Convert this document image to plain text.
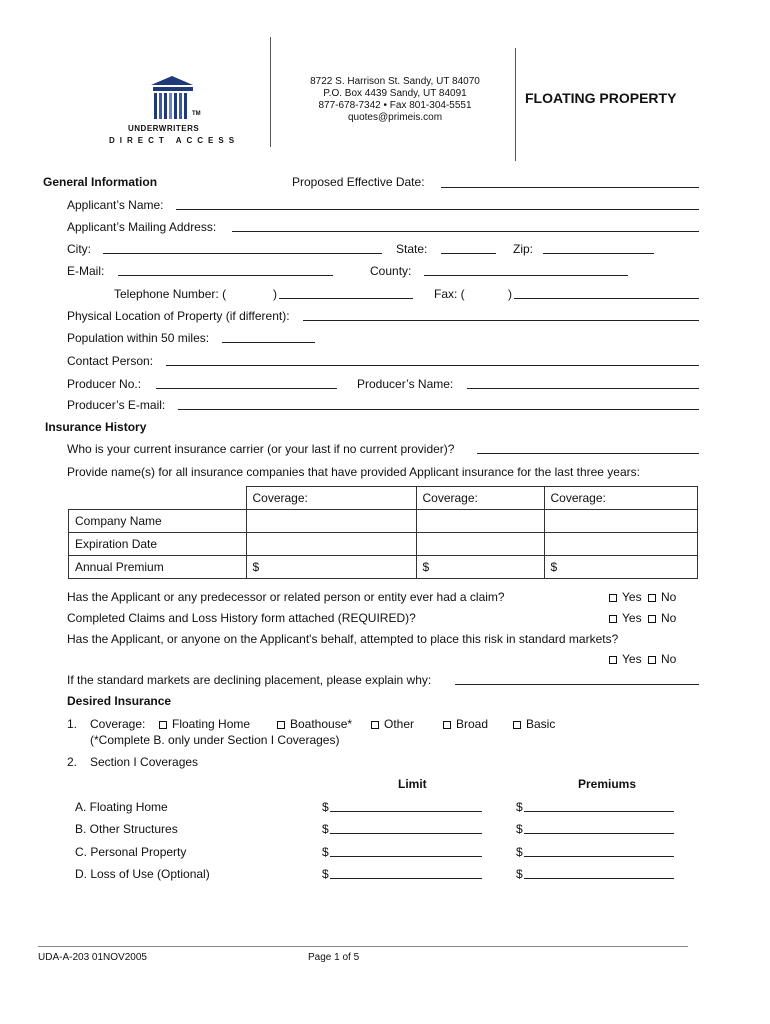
TM
UNDERWRITERS
DIRECT ACCESS
8722 S. Harrison St. Sandy, UT 84070
P.O. Box 4439 Sandy, UT 84091
877-678-7342 • Fax 801-304-5551
quotes@primeis.com
FLOATING PROPERTY
General Information	Proposed Effective Date:
Applicant’s Name:
Applicant’s Mailing Address:
City:	State:	Zip:
E-Mail:	County:
Telephone Number: (	)	Fax: (	)
Physical Location of Property (if different):
Population within 50 miles:
Contact Person:
Producer No.:	Producer’s Name:
Producer’s E-mail:
Insurance History
Who is your current insurance carrier (or your last if no current provider)?
Provide name(s) for all insurance companies that have provided Applicant insurance for the last three years:
	Coverage:	Coverage:	Coverage:
Company Name			
Expiration Date			
Annual Premium	$	$	$
Has the Applicant or any predecessor or related person or entity ever had a claim?	Yes	No
Completed Claims and Loss History form attached (REQUIRED)?	Yes	No
Has the Applicant, or anyone on the Applicant's behalf, attempted to place this risk in standard markets?
Yes	No
If the standard markets are declining placement, please explain why:
Desired Insurance
1. Coverage:	Floating Home	Boathouse*	Other	Broad	Basic
(*Complete B. only under Section I Coverages)
2. Section I Coverages
Limit	Premiums
A. Floating Home	$	$
B. Other Structures	$	$
C. Personal Property	$	$
D. Loss of Use (Optional)	$	$
UDA-A-203 01NOV2005	Page 1 of 5
